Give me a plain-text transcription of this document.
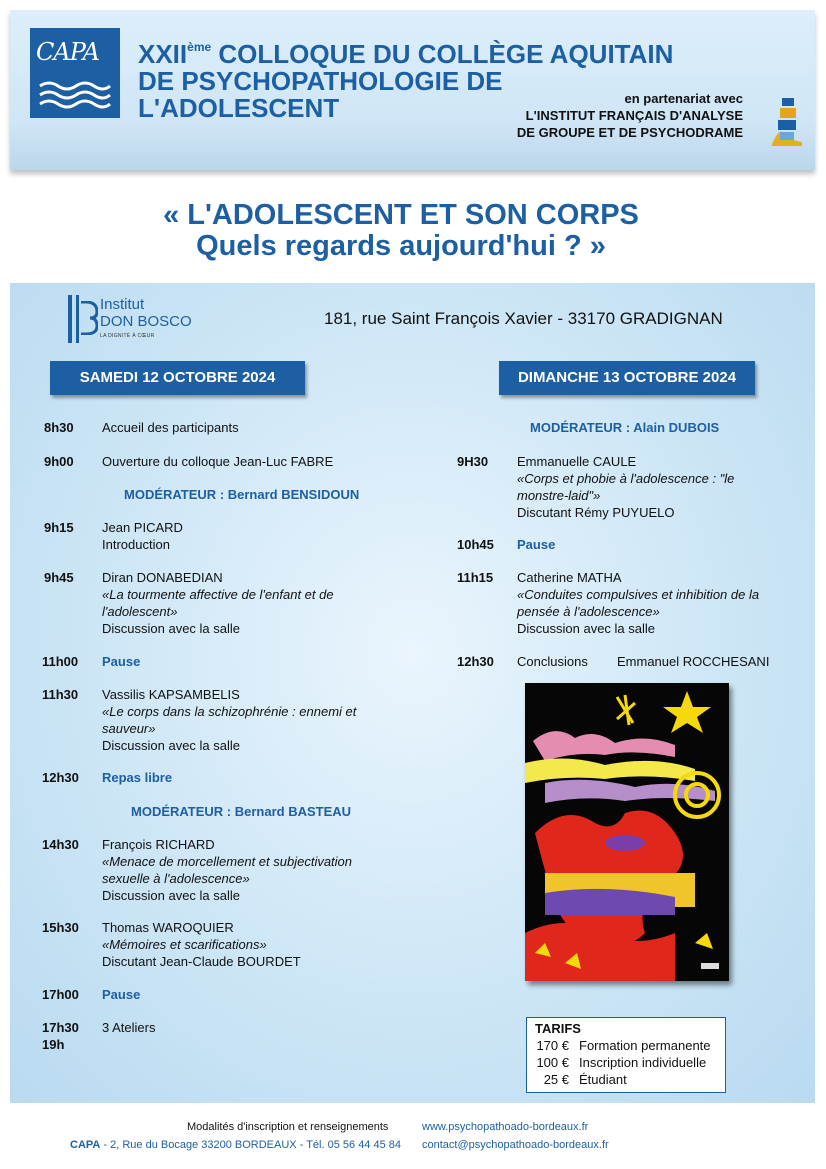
CAPA XXIIème COLLOQUE DU COLLÈGE AQUITAIN
DE PSYCHOPATHOLOGIE DE
L'ADOLESCENT	en partenariat avec
L'INSTITUT FRANÇAIS D'ANALYSE
DE GROUPE ET DE PSYCHODRAME
« L'ADOLESCENT ET SON CORPS
Quels regards aujourd'hui ? »
Institut
DON BOSCO
LA DIGNITÉ À CŒUR
181, rue Saint François Xavier - 33170 GRADIGNAN
SAMEDI 12 OCTOBRE 2024	DIMANCHE 13 OCTOBRE 2024
8h30 Accueil des participants
9h00 Ouverture du colloque Jean-Luc FABRE
MODÉRATEUR : Bernard BENSIDOUN
9h15 Jean PICARD
Introduction
9h45 Diran DONABEDIAN
«La tourmente affective de l'enfant et de
l'adolescent»
Discussion avec la salle
11h00 Pause
11h30 Vassilis KAPSAMBELIS
«Le corps dans la schizophrénie : ennemi et
sauveur»
Discussion avec la salle
12h30 Repas libre
MODÉRATEUR : Bernard BASTEAU
14h30 François RICHARD
«Menace de morcellement et subjectivation
sexuelle à l'adolescence»
Discussion avec la salle
15h30 Thomas WAROQUIER
«Mémoires et scarifications»
Discutant Jean-Claude BOURDET
17h00 Pause
17h30
19h
3 Ateliers
MODÉRATEUR : Alain DUBOIS
9H30 Emmanuelle CAULE
«Corps et phobie à l'adolescence : "le
monstre-laid"»
Discutant Rémy PUYUELO
10h45 Pause
11h15 Catherine MATHA
«Conduites compulsives et inhibition de la
pensée à l'adolescence»
Discussion avec la salle
12h30 Conclusions Emmanuel ROCCHESANI
TARIFS
170 € Formation permanente
100 € Inscription individuelle
25 € Étudiant
Modalités d'inscription et renseignements
CAPA - 2, Rue du Bocage 33200 BORDEAUX - Tél. 05 56 44 45 84
www.psychopathoado-bordeaux.fr
contact@psychopathoado-bordeaux.fr
